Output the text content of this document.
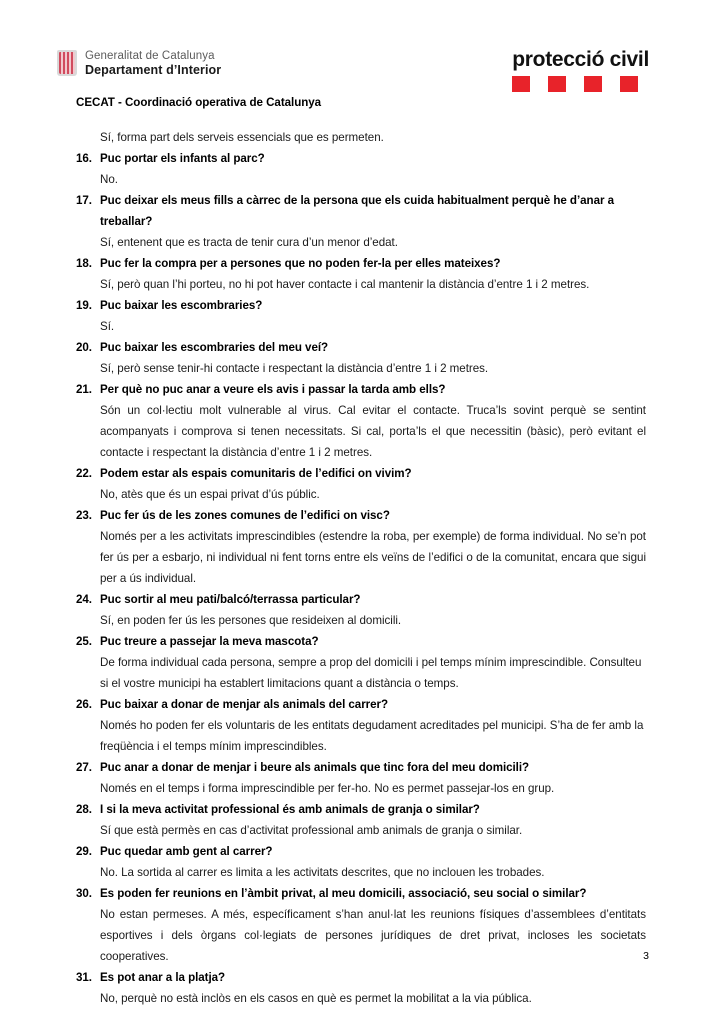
Generalitat de Catalunya
Departament d’Interior	protecció civil
CECAT - Coordinació operativa de Catalunya

Sí, forma part dels serveis essencials que es permeten.

16. Puc portar els infants al parc?

No.

17. Puc deixar els meus fills a càrrec de la persona que els cuida habitualment perquè he d’anar a treballar?

Sí, entenent que es tracta de tenir cura d’un menor d’edat.

18. Puc fer la compra per a persones que no poden fer-la per elles mateixes?

Sí, però quan l’hi porteu, no hi pot haver contacte i cal mantenir la distància d’entre 1 i 2 metres.

19. Puc baixar les escombraries?

Sí.

20. Puc baixar les escombraries del meu veí?

Sí, però sense tenir-hi contacte i respectant la distància d’entre 1 i 2 metres.

21. Per què no puc anar a veure els avis i passar la tarda amb ells?

Són un col·lectiu molt vulnerable al virus. Cal evitar el contacte. Truca’ls sovint perquè se sentint acompanyats i comprova si tenen necessitats. Si cal, porta’ls el que necessitin (bàsic), però evitant el contacte i respectant la distància d’entre 1 i 2 metres.

22. Podem estar als espais comunitaris de l’edifici on vivim?

No, atès que és un espai privat d’ús públic.

23. Puc fer ús de les zones comunes de l’edifici on visc?

Només per a les activitats imprescindibles (estendre la roba, per exemple) de forma individual. No se’n pot fer ús per a esbarjo, ni individual ni fent torns entre els veïns de l’edifici o de la comunitat, encara que sigui per a ús individual.

24. Puc sortir al meu pati/balcó/terrassa particular?

Sí, en poden fer ús les persones que resideixen al domicili.

25. Puc treure a passejar la meva mascota?

De forma individual cada persona, sempre a prop del domicili i pel temps mínim imprescindible. Consulteu si el vostre municipi ha establert limitacions quant a distància o temps.

26. Puc baixar a donar de menjar als animals del carrer?

Només ho poden fer els voluntaris de les entitats degudament acreditades pel municipi. S’ha de fer amb la freqüència i el temps mínim imprescindibles.

27. Puc anar a donar de menjar i beure als animals que tinc fora del meu domicili?

Només en el temps i forma imprescindible per fer-ho. No es permet passejar-los en grup.

28. I si la meva activitat professional és amb animals de granja o similar?

Sí que està permès en cas d’activitat professional amb animals de granja o similar.

29. Puc quedar amb gent al carrer?

No. La sortida al carrer es limita a les activitats descrites, que no inclouen les trobades.

30. Es poden fer reunions en l’àmbit privat, al meu domicili, associació, seu social o similar?

No estan permeses. A més, específicament s’han anul·lat les reunions físiques d’assemblees d’entitats esportives i dels òrgans col·legiats de persones jurídiques de dret privat, incloses les societats cooperatives.

31. Es pot anar a la platja?

No, perquè no està inclòs en els casos en què es permet la mobilitat a la via pública.

3
